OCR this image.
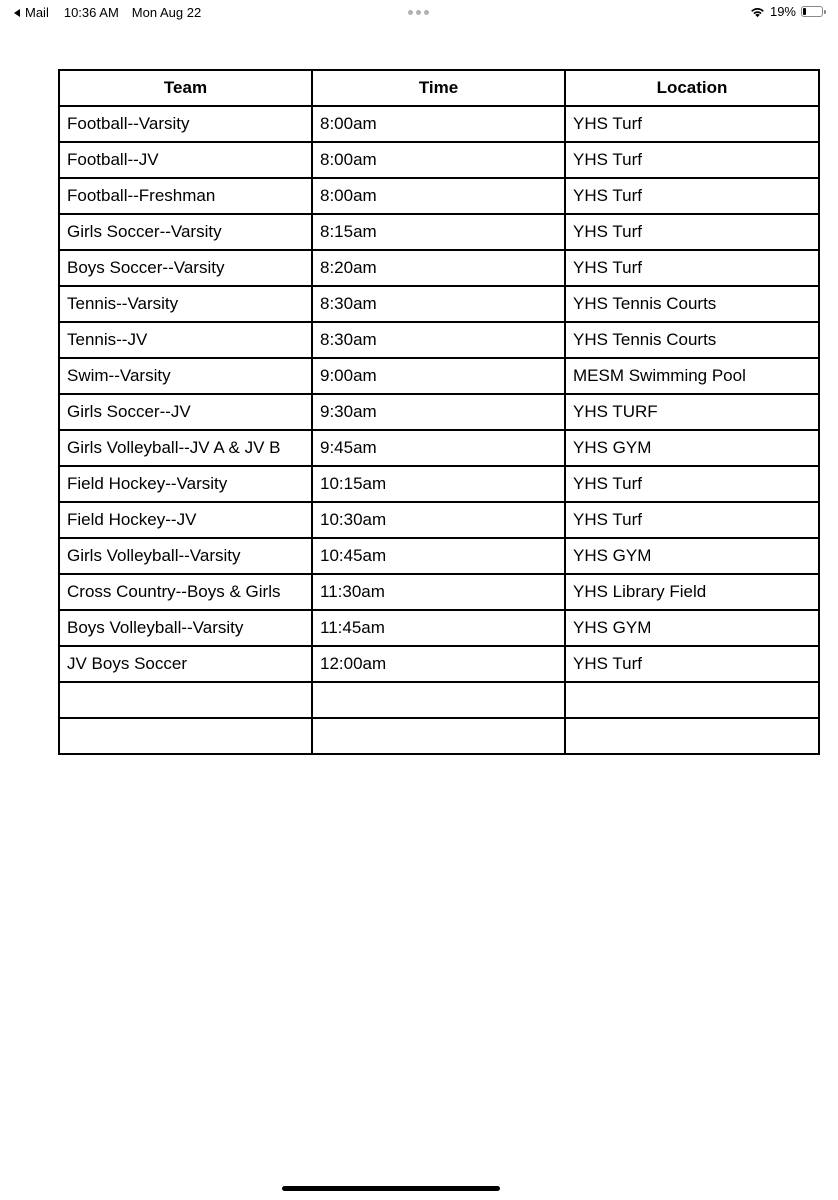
Mail 10:36 AM Mon Aug 22	19%
Team	Time	Location
Football--Varsity	8:00am	YHS Turf
Football--JV	8:00am	YHS Turf
Football--Freshman	8:00am	YHS Turf
Girls Soccer--Varsity	8:15am	YHS Turf
Boys Soccer--Varsity	8:20am	YHS Turf
Tennis--Varsity	8:30am	YHS Tennis Courts
Tennis--JV	8:30am	YHS Tennis Courts
Swim--Varsity	9:00am	MESM Swimming Pool
Girls Soccer--JV	9:30am	YHS TURF
Girls Volleyball--JV A & JV B	9:45am	YHS GYM
Field Hockey--Varsity	10:15am	YHS Turf
Field Hockey--JV	10:30am	YHS Turf
Girls Volleyball--Varsity	10:45am	YHS GYM
Cross Country--Boys & Girls	11:30am	YHS Library Field
Boys Volleyball--Varsity	11:45am	YHS GYM
JV Boys Soccer	12:00am	YHS Turf
